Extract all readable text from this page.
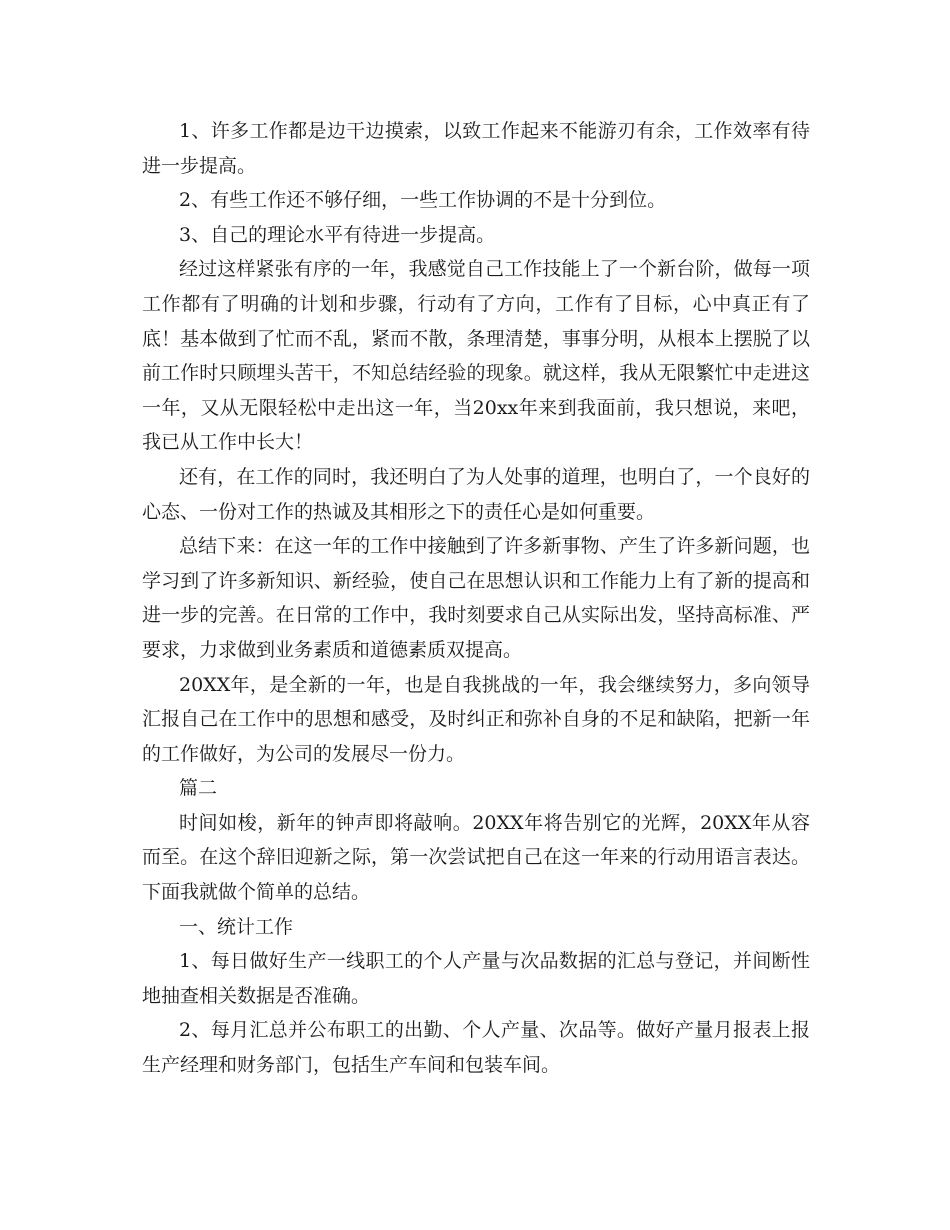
1、许多工作都是边干边摸索，以致工作起来不能游刃有余，工作效率有待进一步提高。

2、有些工作还不够仔细，一些工作协调的不是十分到位。

3、自己的理论水平有待进一步提高。

经过这样紧张有序的一年，我感觉自己工作技能上了一个新台阶，做每一项工作都有了明确的计划和步骤，行动有了方向，工作有了目标，心中真正有了底！基本做到了忙而不乱，紧而不散，条理清楚，事事分明，从根本上摆脱了以前工作时只顾埋头苦干，不知总结经验的现象。就这样，我从无限繁忙中走进这一年，又从无限轻松中走出这一年，当20xx年来到我面前，我只想说，来吧，我已从工作中长大！

还有，在工作的同时，我还明白了为人处事的道理，也明白了，一个良好的心态、一份对工作的热诚及其相形之下的责任心是如何重要。

总结下来：在这一年的工作中接触到了许多新事物、产生了许多新问题，也学习到了许多新知识、新经验，使自己在思想认识和工作能力上有了新的提高和进一步的完善。在日常的工作中，我时刻要求自己从实际出发，坚持高标准、严要求，力求做到业务素质和道德素质双提高。

20XX年，是全新的一年，也是自我挑战的一年，我会继续努力，多向领导汇报自己在工作中的思想和感受，及时纠正和弥补自身的不足和缺陷，把新一年的工作做好，为公司的发展尽一份力。

篇二

时间如梭，新年的钟声即将敲响。20XX年将告别它的光辉，20XX年从容而至。在这个辞旧迎新之际，第一次尝试把自己在这一年来的行动用语言表达。下面我就做个简单的总结。

一、统计工作

1、每日做好生产一线职工的个人产量与次品数据的汇总与登记，并间断性地抽查相关数据是否准确。

2、每月汇总并公布职工的出勤、个人产量、次品等。做好产量月报表上报生产经理和财务部门，包括生产车间和包装车间。
